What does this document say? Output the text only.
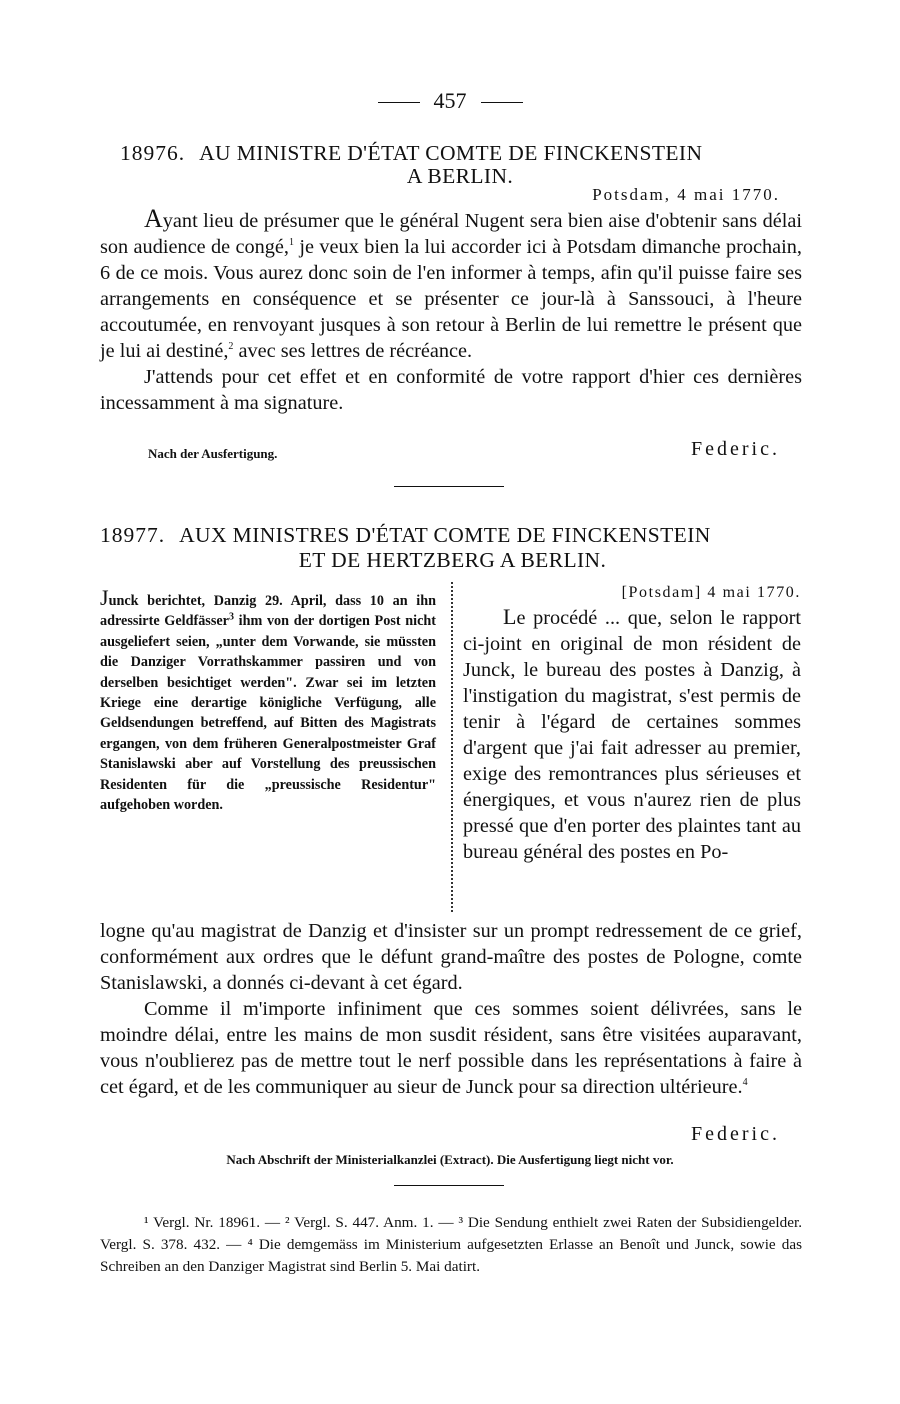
457
18976. AU MINISTRE D'ÉTAT COMTE DE FINCKENSTEIN
A BERLIN.
Potsdam, 4 mai 1770.

Ayant lieu de présumer que le général Nugent sera bien aise d'obtenir sans délai son audience de congé,$^1$ je veux bien la lui accorder ici à Potsdam dimanche prochain, 6 de ce mois. Vous aurez donc soin de l'en informer à temps, afin qu'il puisse faire ses arrangements en conséquence et se présenter ce jour-là à Sanssouci, à l'heure accoutumée, en renvoyant jusques à son retour à Berlin de lui remettre le présent que je lui ai destiné,$^2$ avec ses lettres de récréance.

J'attends pour cet effet et en conformité de votre rapport d'hier ces dernières incessamment à ma signature.

Nach der Ausfertigung.	Federic.
18977. AUX MINISTRES D'ÉTAT COMTE DE FINCKENSTEIN
ET DE HERTZBERG A BERLIN.
Junck berichtet, Danzig 29. April, dass 10 an ihn adressirte Geldfässer$^3$ ihm von der dortigen Post nicht ausgeliefert seien, „unter dem Vorwande, sie müssten die Danziger Vorrathskammer passiren und von derselben besichtiget werden". Zwar sei im letzten Kriege eine derartige königliche Verfügung, alle Geldsendungen betreffend, auf Bitten des Magistrats ergangen, von dem früheren Generalpostmeister Graf Stanislawski aber auf Vorstellung des preussischen Residenten für die „preussische Residentur" aufgehoben worden.
[Potsdam] 4 mai 1770.
Le procédé ... que, selon le rapport ci-joint en original de mon résident de Junck, le bureau des postes à Danzig, à l'instigation du magistrat, s'est permis de tenir à l'égard de certaines sommes d'argent que j'ai fait adresser au premier, exige des remontrances plus sérieuses et énergiques, et vous n'aurez rien de plus pressé que d'en porter des plaintes tant au bureau général des postes en Po-

logne qu'au magistrat de Danzig et d'insister sur un prompt redressement de ce grief, conformément aux ordres que le défunt grand-maître des postes de Pologne, comte Stanislawski, a donnés ci-devant à cet égard.

Comme il m'importe infiniment que ces sommes soient délivrées, sans le moindre délai, entre les mains de mon susdit résident, sans être visitées auparavant, vous n'oublierez pas de mettre tout le nerf possible dans les représentations à faire à cet égard, et de les communiquer au sieur de Junck pour sa direction ultérieure.$^4$

Federic.
Nach Abschrift der Ministerialkanzlei (Extract). Die Ausfertigung liegt nicht vor.

¹ Vergl. Nr. 18961. — ² Vergl. S. 447. Anm. 1. — ³ Die Sendung enthielt zwei Raten der Subsidiengelder. Vergl. S. 378. 432. — ⁴ Die demgemäss im Ministerium aufgesetzten Erlasse an Benoît und Junck, sowie das Schreiben an den Danziger Magistrat sind Berlin 5. Mai datirt.
